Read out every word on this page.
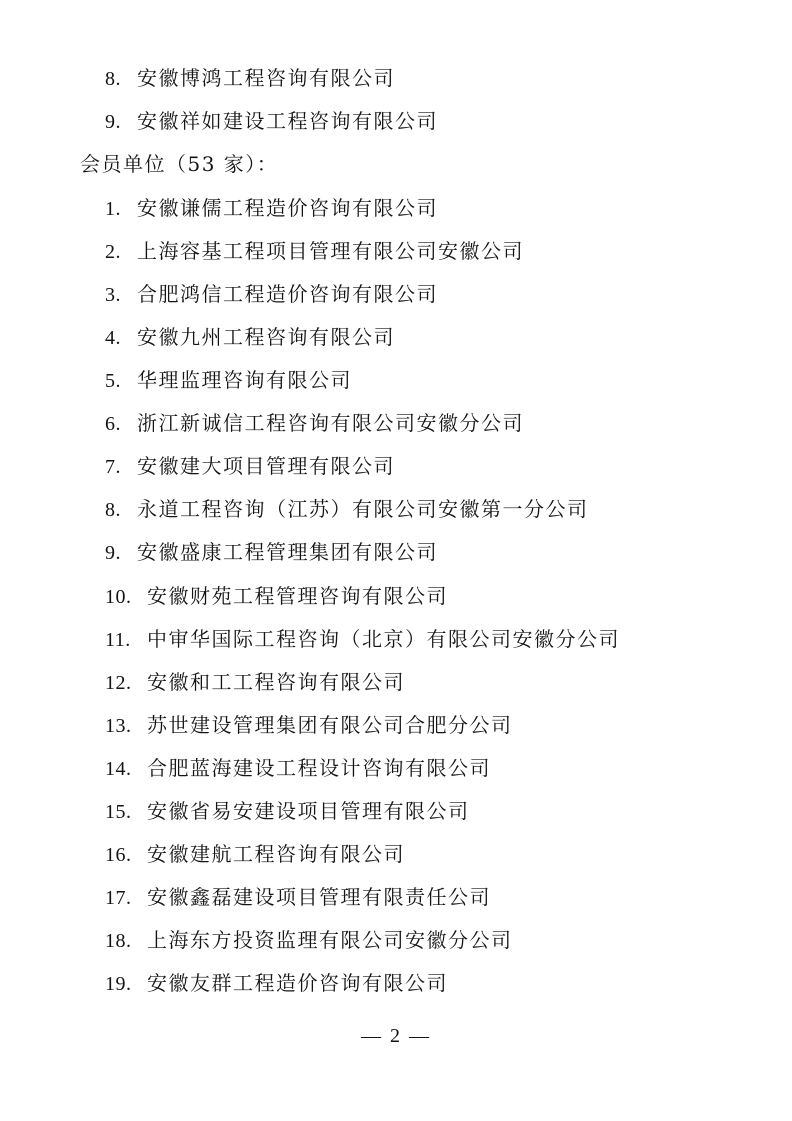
8. 安徽博鸿工程咨询有限公司
9. 安徽祥如建设工程咨询有限公司
会员单位（53 家）：
1. 安徽谦儒工程造价咨询有限公司
2. 上海容基工程项目管理有限公司安徽公司
3. 合肥鸿信工程造价咨询有限公司
4. 安徽九州工程咨询有限公司
5. 华理监理咨询有限公司
6. 浙江新诚信工程咨询有限公司安徽分公司
7. 安徽建大项目管理有限公司
8. 永道工程咨询（江苏）有限公司安徽第一分公司
9. 安徽盛康工程管理集团有限公司
10. 安徽财苑工程管理咨询有限公司
11. 中审华国际工程咨询（北京）有限公司安徽分公司
12. 安徽和工工程咨询有限公司
13. 苏世建设管理集团有限公司合肥分公司
14. 合肥蓝海建设工程设计咨询有限公司
15. 安徽省易安建设项目管理有限公司
16. 安徽建航工程咨询有限公司
17. 安徽鑫磊建设项目管理有限责任公司
18. 上海东方投资监理有限公司安徽分公司
19. 安徽友群工程造价咨询有限公司
— 2 —
